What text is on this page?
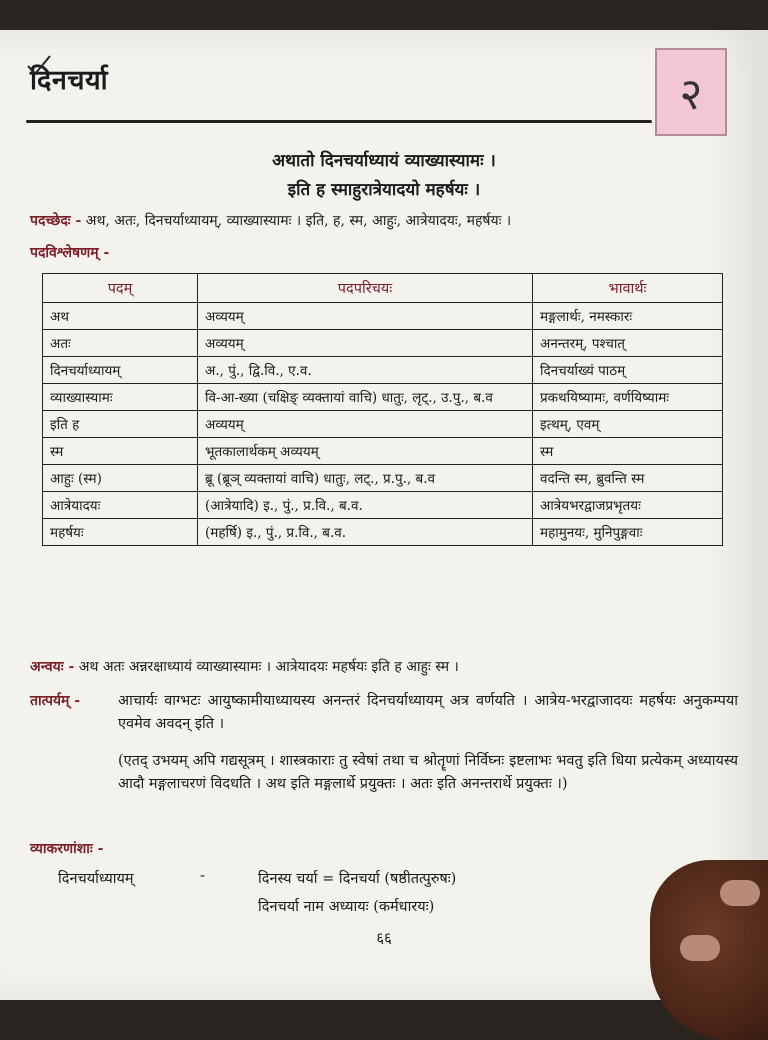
दिनचर्या	२
अथातो दिनचर्याध्यायं व्याख्यास्यामः ।
इति ह स्माहुरात्रेयादयो महर्षयः ।
पदच्छेदः - अथ, अतः, दिनचर्याध्यायम्, व्याख्यास्यामः । इति, ह, स्म, आहुः, आत्रेयादयः, महर्षयः ।
पदविश्लेषणम् -
पदम्	पदपरिचयः	भावार्थः
अथ	अव्ययम्	मङ्गलार्थः, नमस्कारः
अतः	अव्ययम्	अनन्तरम्, पश्चात्
दिनचर्याध्यायम्	अ., पुं., द्वि.वि., ए.व.	दिनचर्याख्यं पाठम्
व्याख्यास्यामः	वि-आ-ख्या (चक्षिङ् व्यक्तायां वाचि) धातुः, लृट्., उ.पु., ब.व	प्रकथयिष्यामः, वर्णयिष्यामः
इति ह	अव्ययम्	इत्थम्, एवम्
स्म	भूतकालार्थकम् अव्ययम्	स्म
आहुः (स्म)	ब्रू (ब्रूञ् व्यक्तायां वाचि) धातुः, लट्., प्र.पु., ब.व	वदन्ति स्म, ब्रुवन्ति स्म
आत्रेयादयः	(आत्रेयादि) इ., पुं., प्र.वि., ब.व.	आत्रेयभरद्वाजप्रभृतयः
महर्षयः	(महर्षि) इ., पुं., प्र.वि., ब.व.	महामुनयः, मुनिपुङ्गवाः
अन्वयः - अथ अतः अन्नरक्षाध्यायं व्याख्यास्यामः । आत्रेयादयः महर्षयः इति ह आहुः स्म ।
तात्पर्यम् -	आचार्यः वाग्भटः आयुष्कामीयाध्यायस्य अनन्तरं दिनचर्याध्यायम् अत्र वर्णयति । आत्रेय-भरद्वाजादयः महर्षयः अनुकम्पया एवमेव अवदन् इति ।
(एतद् उभयम् अपि गद्यसूत्रम् । शास्त्रकाराः तु स्वेषां तथा च श्रोतॄणां निर्विघ्नः इष्टलाभः भवतु इति धिया प्रत्येकम् अध्यायस्य आदौ मङ्गलाचरणं विदधति । अथ इति मङ्गलार्थे प्रयुक्तः । अतः इति अनन्तरार्थे प्रयुक्तः ।)
व्याकरणांशाः -
दिनचर्याध्यायम्	-	दिनस्य चर्या = दिनचर्या (षष्ठीतत्पुरुषः)
दिनचर्या नाम अध्यायः (कर्मधारयः)
६६
